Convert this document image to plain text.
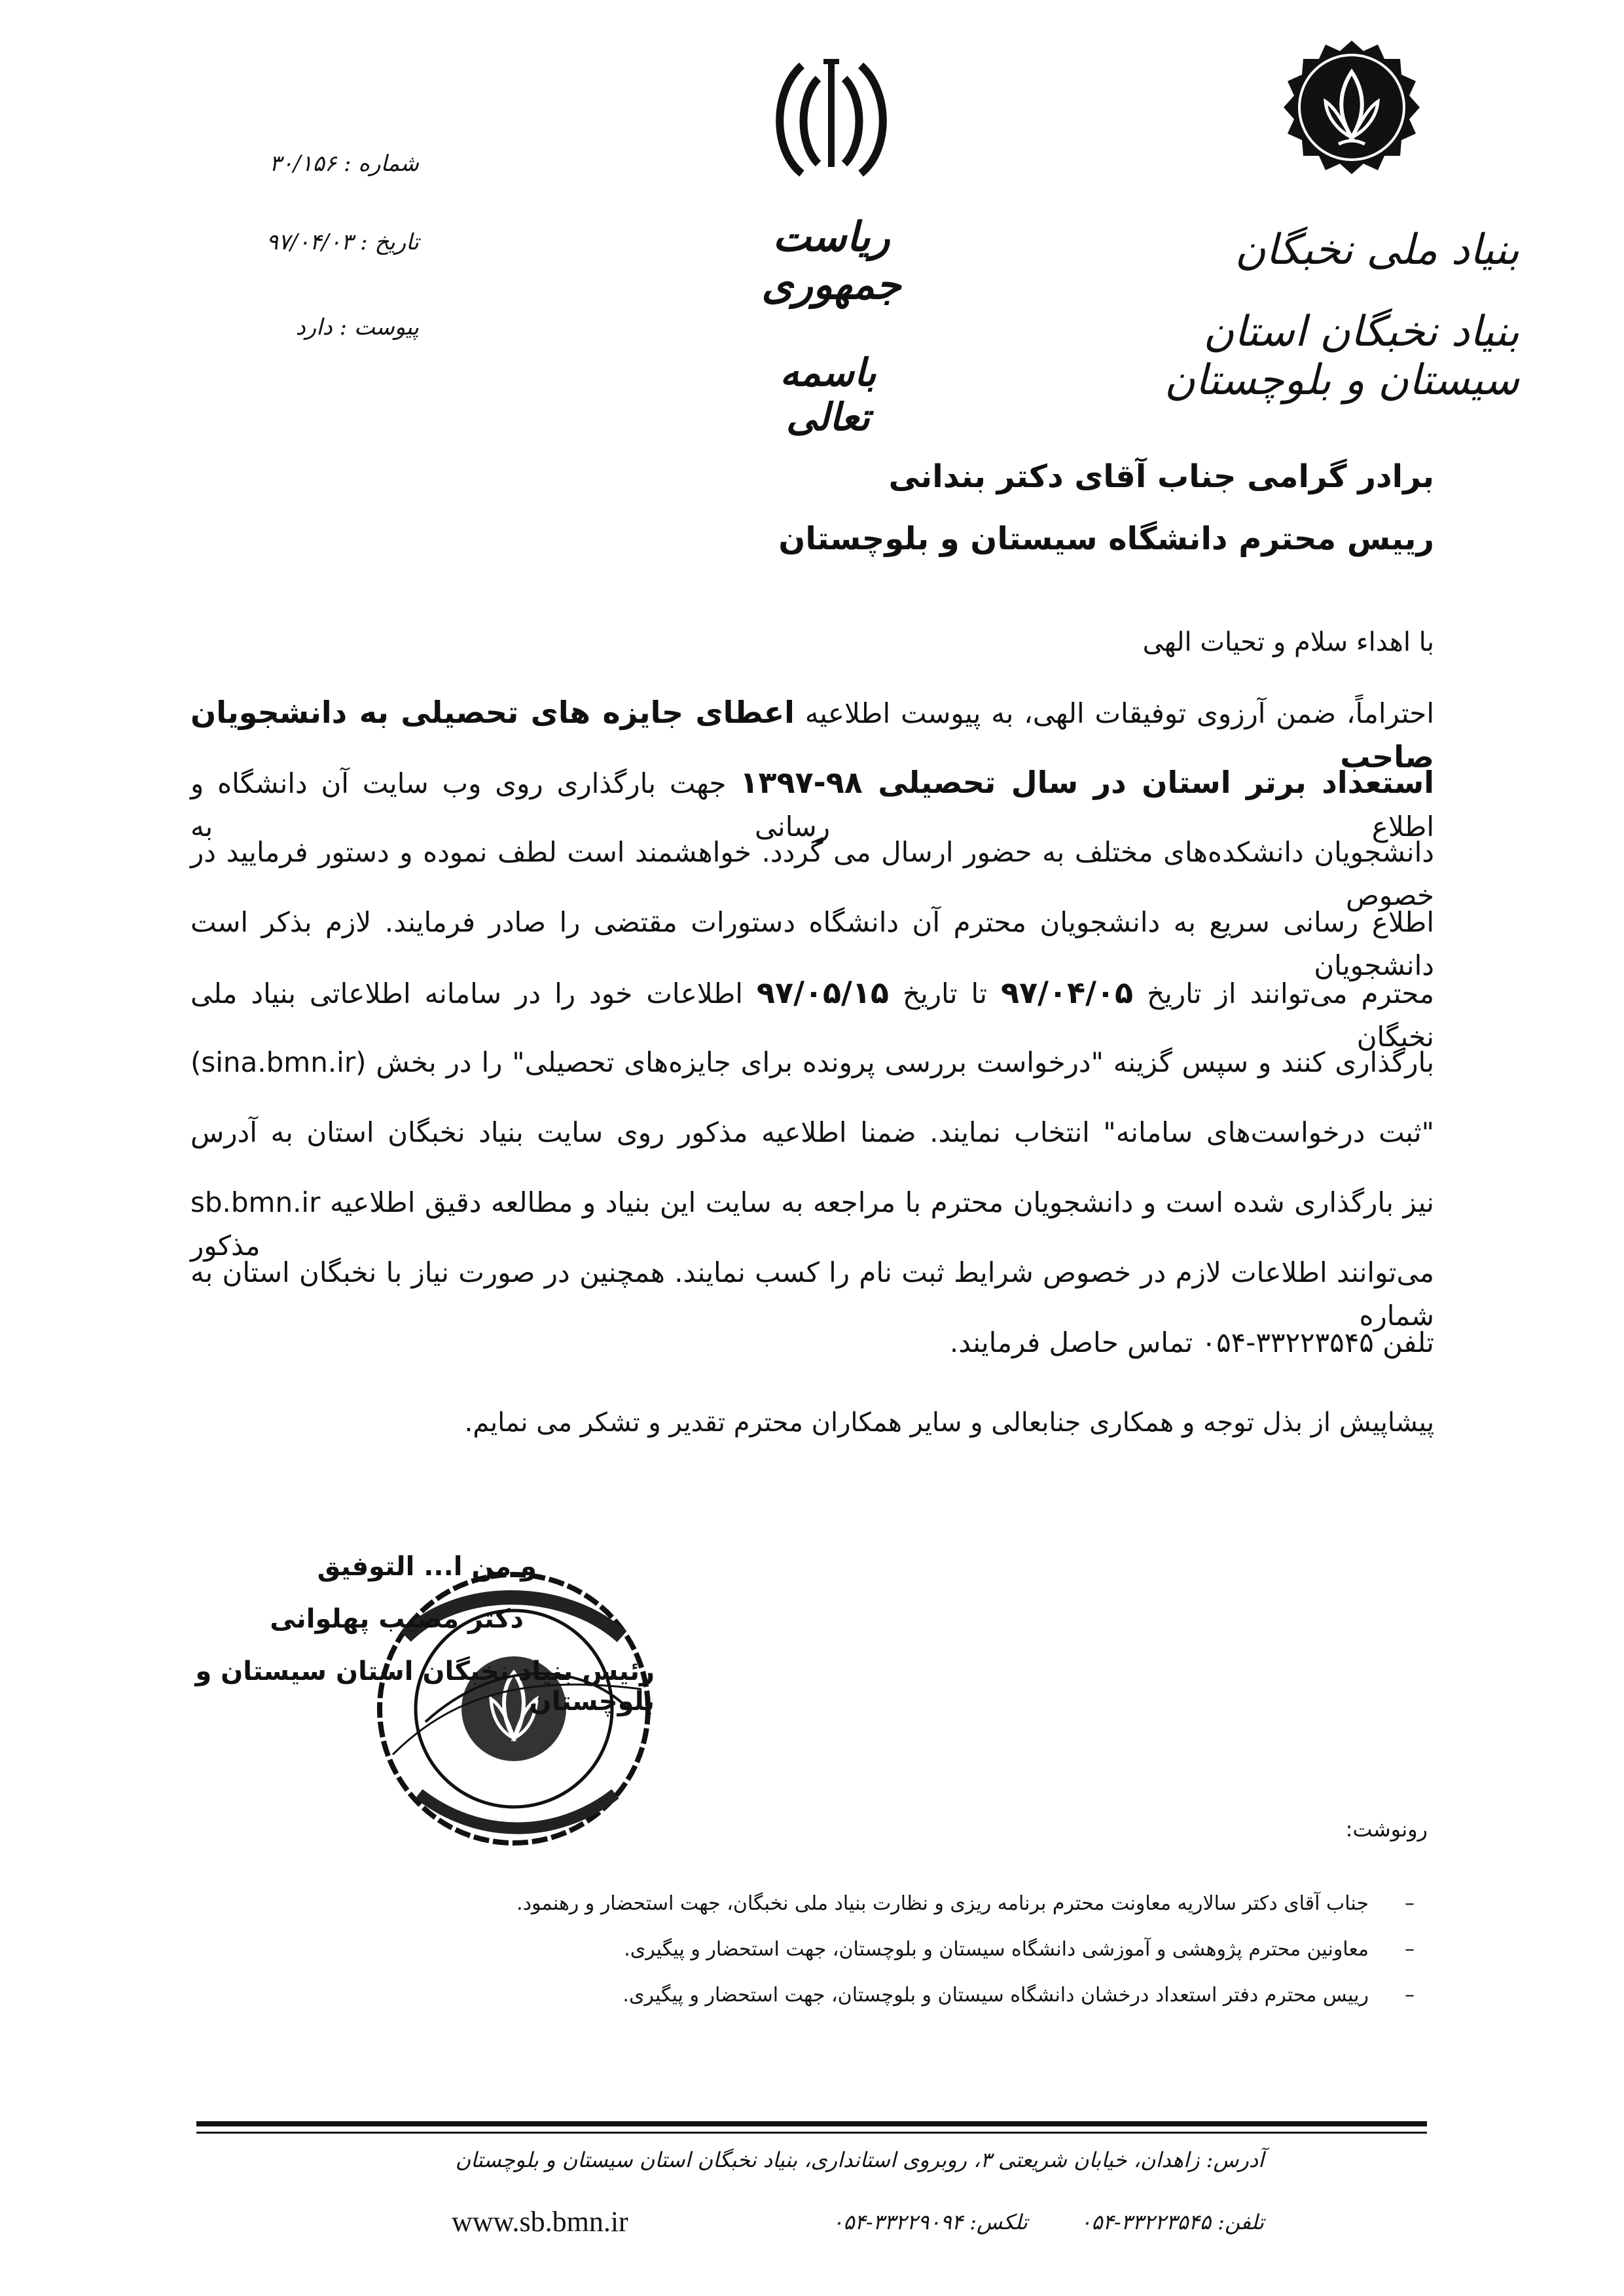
بنیاد ملی نخبگان
بنیاد نخبگان استان سیستان و بلوچستان
ریاست جمهوری
باسمه تعالی
شماره : ۳۰/۱۵۶
تاریخ : ۹۷/۰۴/۰۳
پیوست : دارد
برادر گرامی جناب آقای دکتر بندانی
رییس محترم دانشگاه سیستان و بلوچستان
با اهداء سلام و تحیات الهی
احتراماً، ضمن آرزوی توفیقات الهی، به پیوست اطلاعیه اعطای جایزه های تحصیلی به دانشجویان صاحب
استعداد برتر استان در سال تحصیلی ۹۸-۱۳۹۷ جهت بارگذاری روی وب سایت آن دانشگاه و اطلاع رسانی به
دانشجویان دانشکده‌های مختلف به حضور ارسال می گردد. خواهشمند است لطف نموده و دستور فرمایید در خصوص
اطلاع رسانی سریع به دانشجویان محترم آن دانشگاه دستورات مقتضی را صادر فرمایند. لازم بذکر است دانشجویان
محترم می‌توانند از تاریخ ۹۷/۰۴/۰۵ تا تاریخ ۹۷/۰۵/۱۵ اطلاعات خود را در سامانه اطلاعاتی بنیاد ملی نخبگان
(sina.bmn.ir) بارگذاری کنند و سپس گزینه "درخواست بررسی پرونده برای جایزه‌های تحصیلی" را در بخش
"ثبت درخواست‌های سامانه" انتخاب نمایند. ضمنا اطلاعیه مذکور روی سایت بنیاد نخبگان استان به آدرس
sb.bmn.ir نیز بارگذاری شده است و دانشجویان محترم با مراجعه به سایت این بنیاد و مطالعه دقیق اطلاعیه مذکور
می‌توانند اطلاعات لازم در خصوص شرایط ثبت نام را کسب نمایند. همچنین در صورت نیاز با نخبگان استان به شماره
تلفن ۳۳۲۲۳۵۴۵-۰۵۴ تماس حاصل فرمایند.
پیشاپیش از بذل توجه و همکاری جنابعالی و سایر همکاران محترم تقدیر و تشکر می نمایم.
و من ا... التوفیق
دکتر مصیب پهلوانی
رئیس بنیاد نخبگان استان سیستان و بلوچستان
رونوشت:
– جناب آقای دکتر سالاریه معاونت محترم برنامه ریزی و نظارت بنیاد ملی نخبگان، جهت استحضار و رهنمود.
– معاونین محترم پژوهشی و آموزشی دانشگاه سیستان و بلوچستان، جهت استحضار و پیگیری.
– رییس محترم دفتر استعداد درخشان دانشگاه سیستان و بلوچستان، جهت استحضار و پیگیری.
آدرس: زاهدان، خیابان شریعتی ۳، روبروی استانداری، بنیاد نخبگان استان سیستان و بلوچستان
تلفن: ۳۳۲۲۳۵۴۵-۰۵۴ تلکس: ۳۳۲۲۹۰۹۴-۰۵۴
www.sb.bmn.ir
